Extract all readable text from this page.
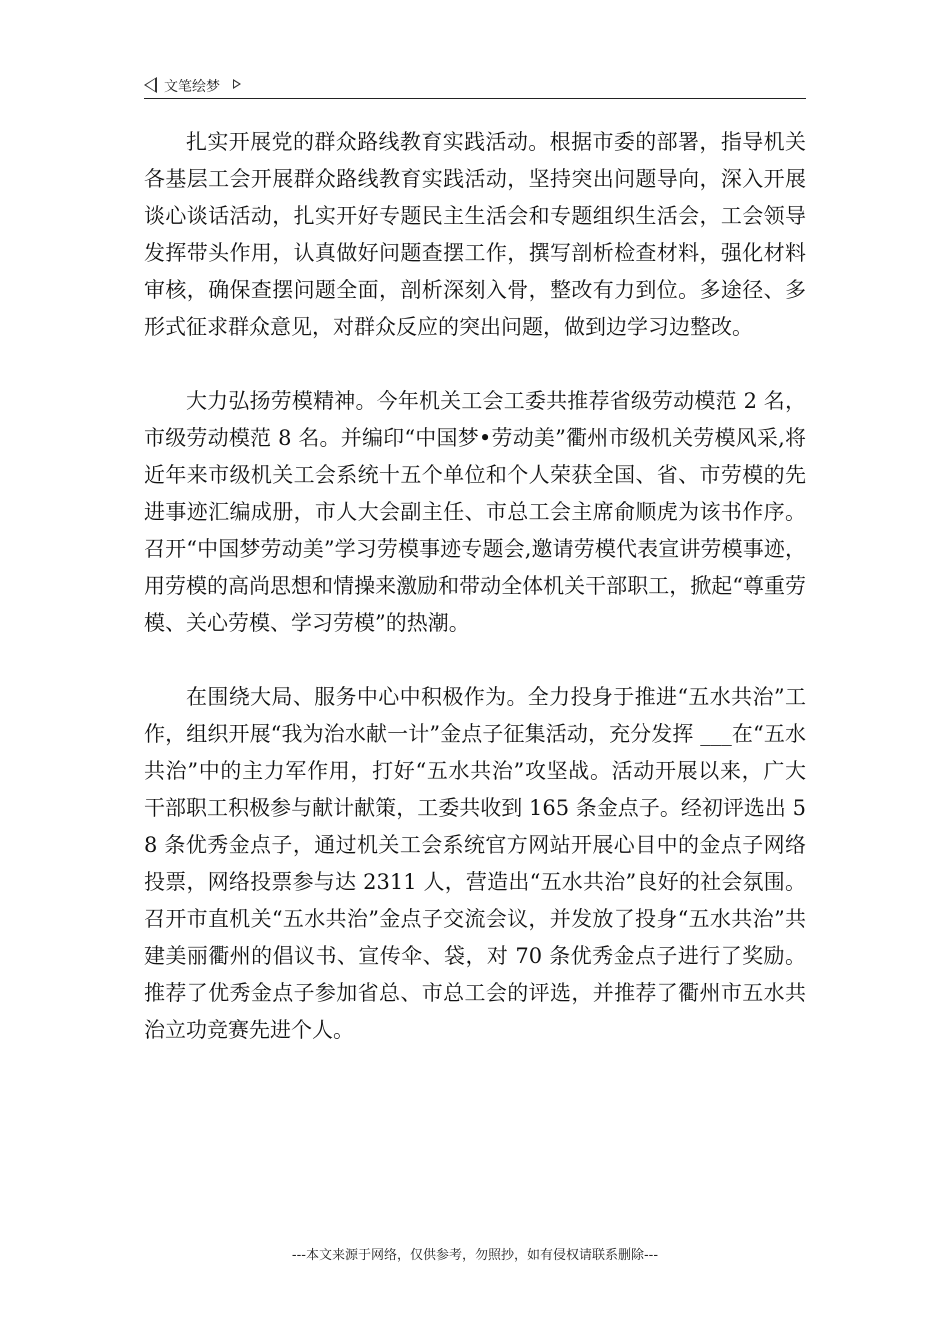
文笔绘梦

扎实开展党的群众路线教育实践活动。根据市委的部署，指导机关各基层工会开展群众路线教育实践活动，坚持突出问题导向，深入开展谈心谈话活动，扎实开好专题民主生活会和专题组织生活会，工会领导发挥带头作用，认真做好问题查摆工作，撰写剖析检查材料，强化材料审核，确保查摆问题全面，剖析深刻入骨，整改有力到位。多途径、多形式征求群众意见，对群众反应的突出问题，做到边学习边整改。

大力弘扬劳模精神。今年机关工会工委共推荐省级劳动模范 2 名，市级劳动模范 8 名。并编印“中国梦•劳动美”衢州市级机关劳模风采,将近年来市级机关工会系统十五个单位和个人荣获全国、省、市劳模的先进事迹汇编成册，市人大会副主任、市总工会主席俞顺虎为该书作序。召开“中国梦劳动美”学习劳模事迹专题会,邀请劳模代表宣讲劳模事迹，用劳模的高尚思想和情操来激励和带动全体机关干部职工，掀起“尊重劳模、关心劳模、学习劳模”的热潮。

在围绕大局、服务中心中积极作为。全力投身于推进“五水共治”工作，组织开展“我为治水献一计”金点子征集活动，充分发挥 ___在“五水共治”中的主力军作用，打好“五水共治”攻坚战。活动开展以来，广大干部职工积极参与献计献策，工委共收到 165 条金点子。经初评选出 58 条优秀金点子，通过机关工会系统官方网站开展心目中的金点子网络投票，网络投票参与达 2311 人，营造出“五水共治”良好的社会氛围。召开市直机关“五水共治”金点子交流会议，并发放了投身“五水共治”共建美丽衢州的倡议书、宣传伞、袋，对 70 条优秀金点子进行了奖励。推荐了优秀金点子参加省总、市总工会的评选，并推荐了衢州市五水共治立功竞赛先进个人。

---本文来源于网络，仅供参考，勿照抄，如有侵权请联系删除---
